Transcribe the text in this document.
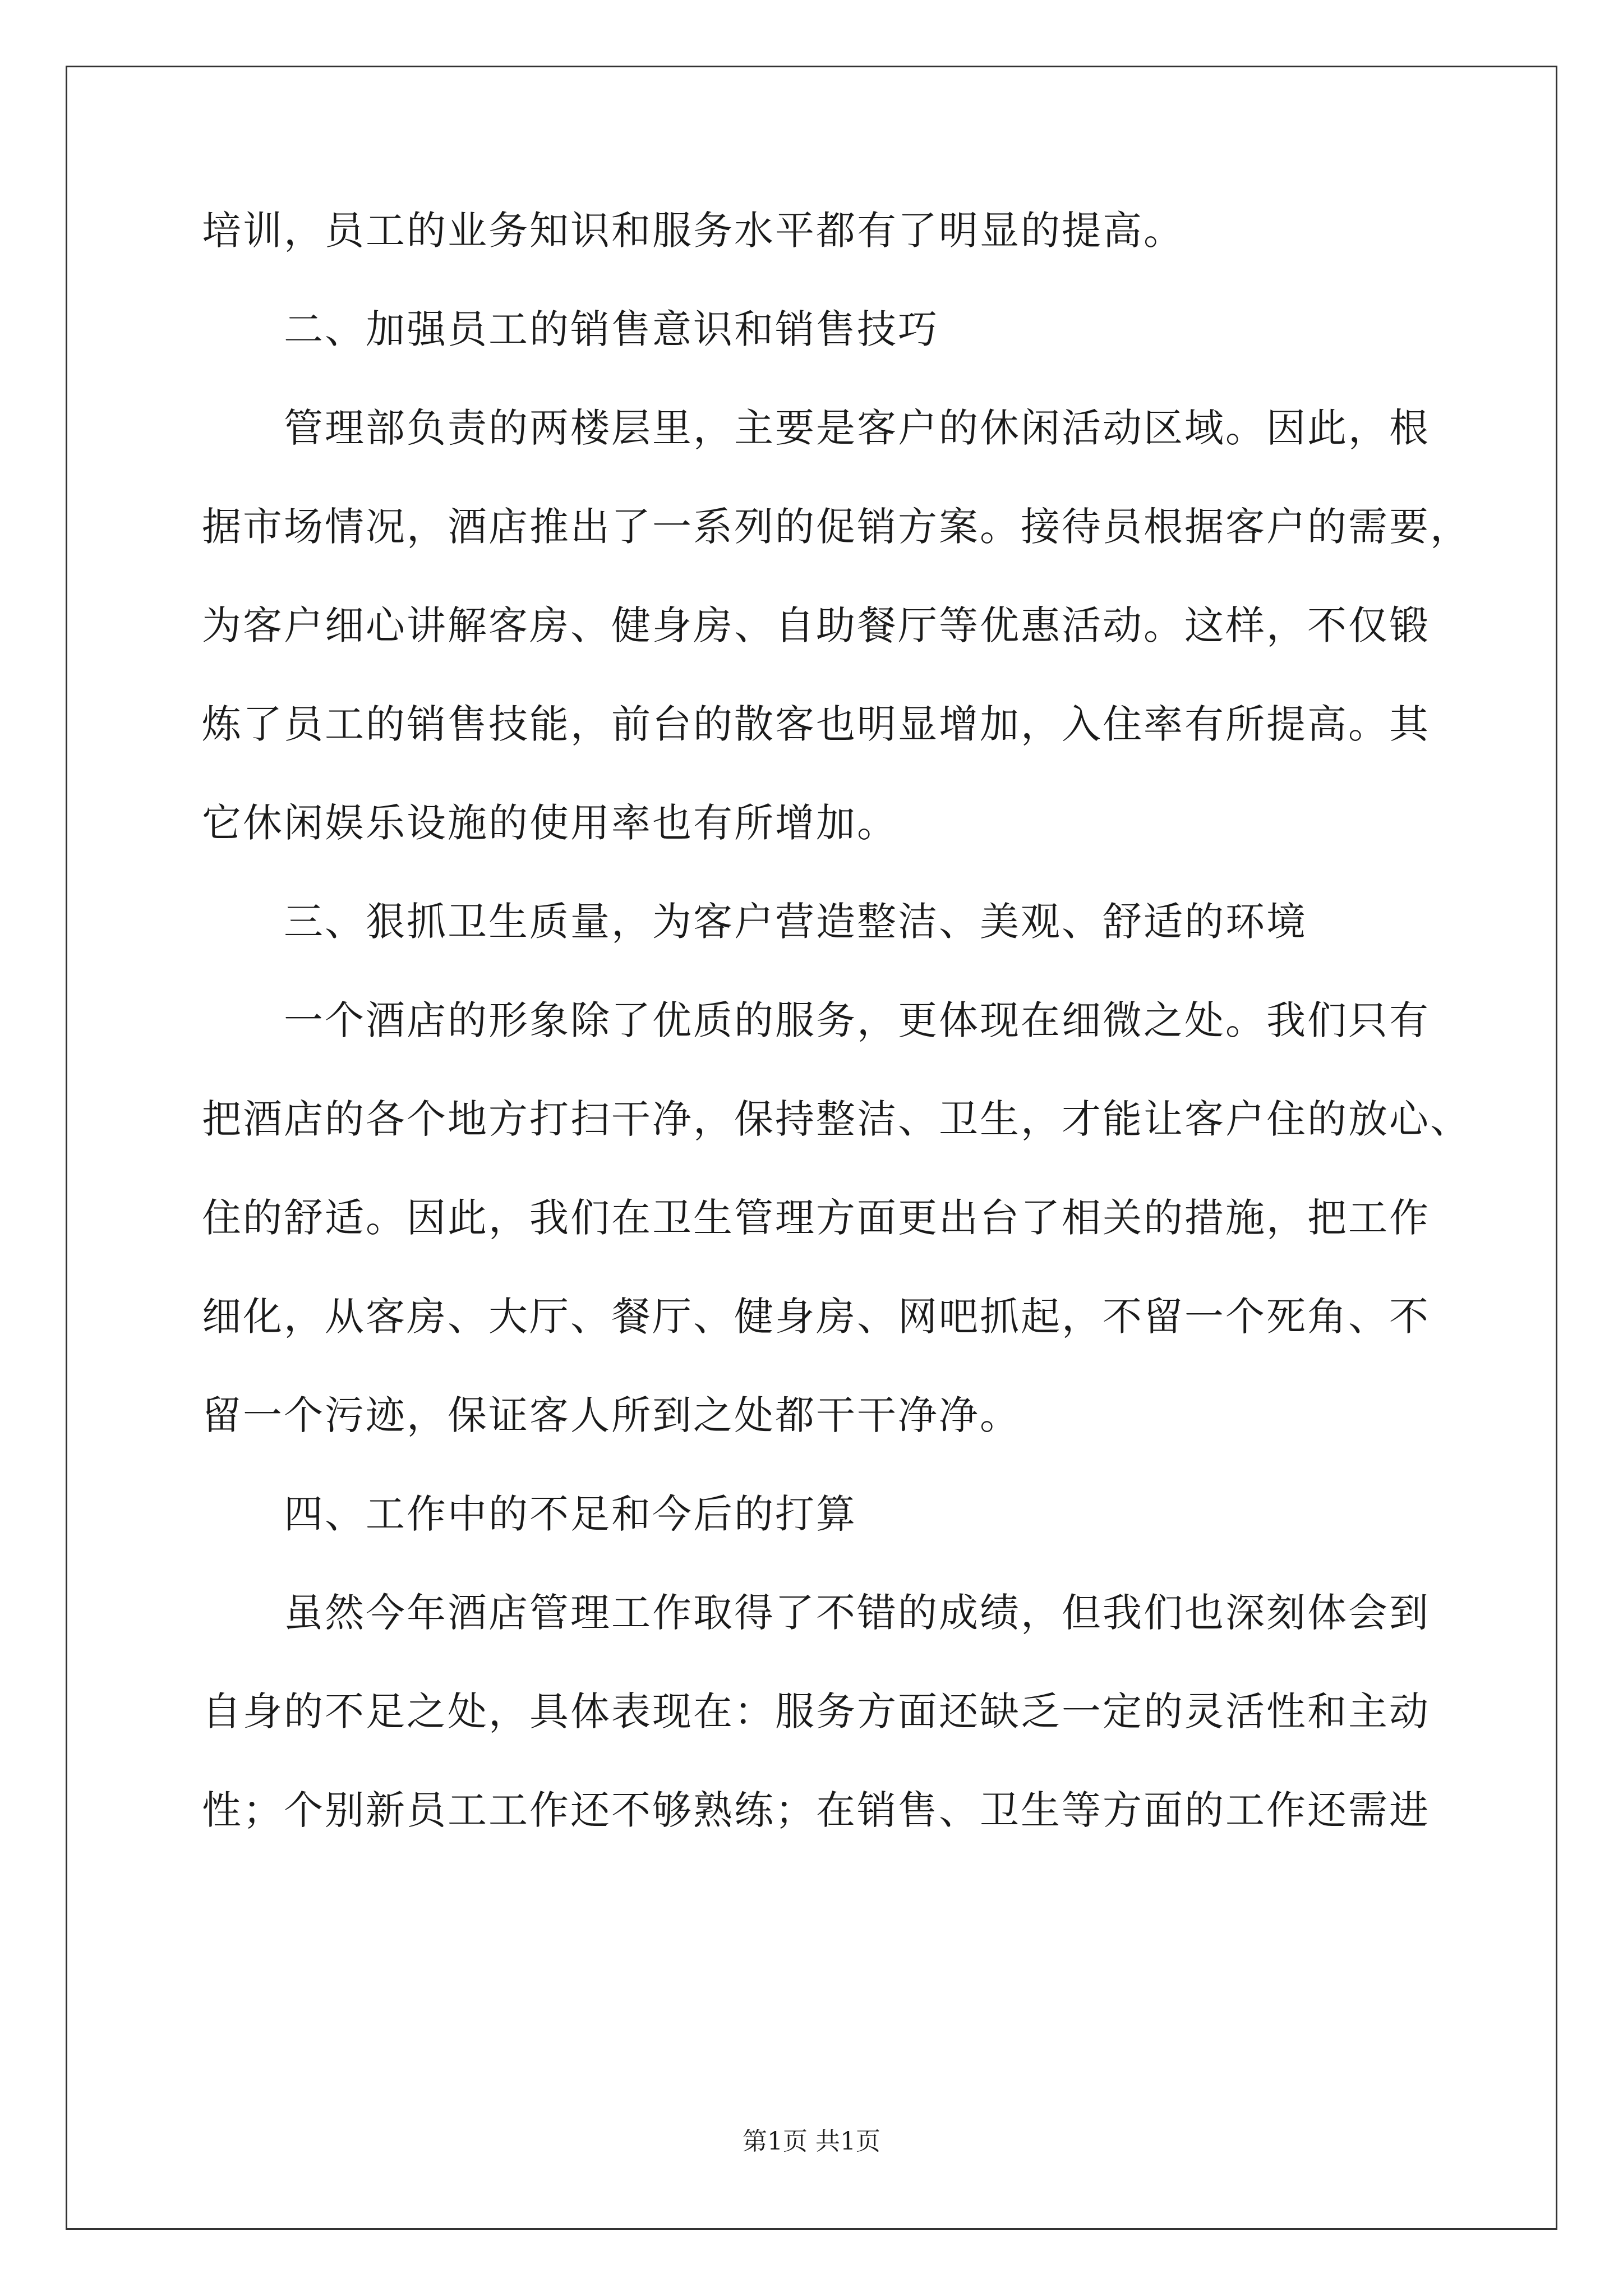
培训，员工的业务知识和服务水平都有了明显的提高。
二、加强员工的销售意识和销售技巧
管理部负责的两楼层里，主要是客户的休闲活动区域。因此，根
据市场情况，酒店推出了一系列的促销方案。接待员根据客户的需要，
为客户细心讲解客房、健身房、自助餐厅等优惠活动。这样，不仅锻
炼了员工的销售技能，前台的散客也明显增加，入住率有所提高。其
它休闲娱乐设施的使用率也有所增加。
三、狠抓卫生质量，为客户营造整洁、美观、舒适的环境
一个酒店的形象除了优质的服务，更体现在细微之处。我们只有
把酒店的各个地方打扫干净，保持整洁、卫生，才能让客户住的放心、
住的舒适。因此，我们在卫生管理方面更出台了相关的措施，把工作
细化，从客房、大厅、餐厅、健身房、网吧抓起，不留一个死角、不
留一个污迹，保证客人所到之处都干干净净。
四、工作中的不足和今后的打算
虽然今年酒店管理工作取得了不错的成绩，但我们也深刻体会到
自身的不足之处，具体表现在：服务方面还缺乏一定的灵活性和主动
性；个别新员工工作还不够熟练；在销售、卫生等方面的工作还需进
第1页 共1页
